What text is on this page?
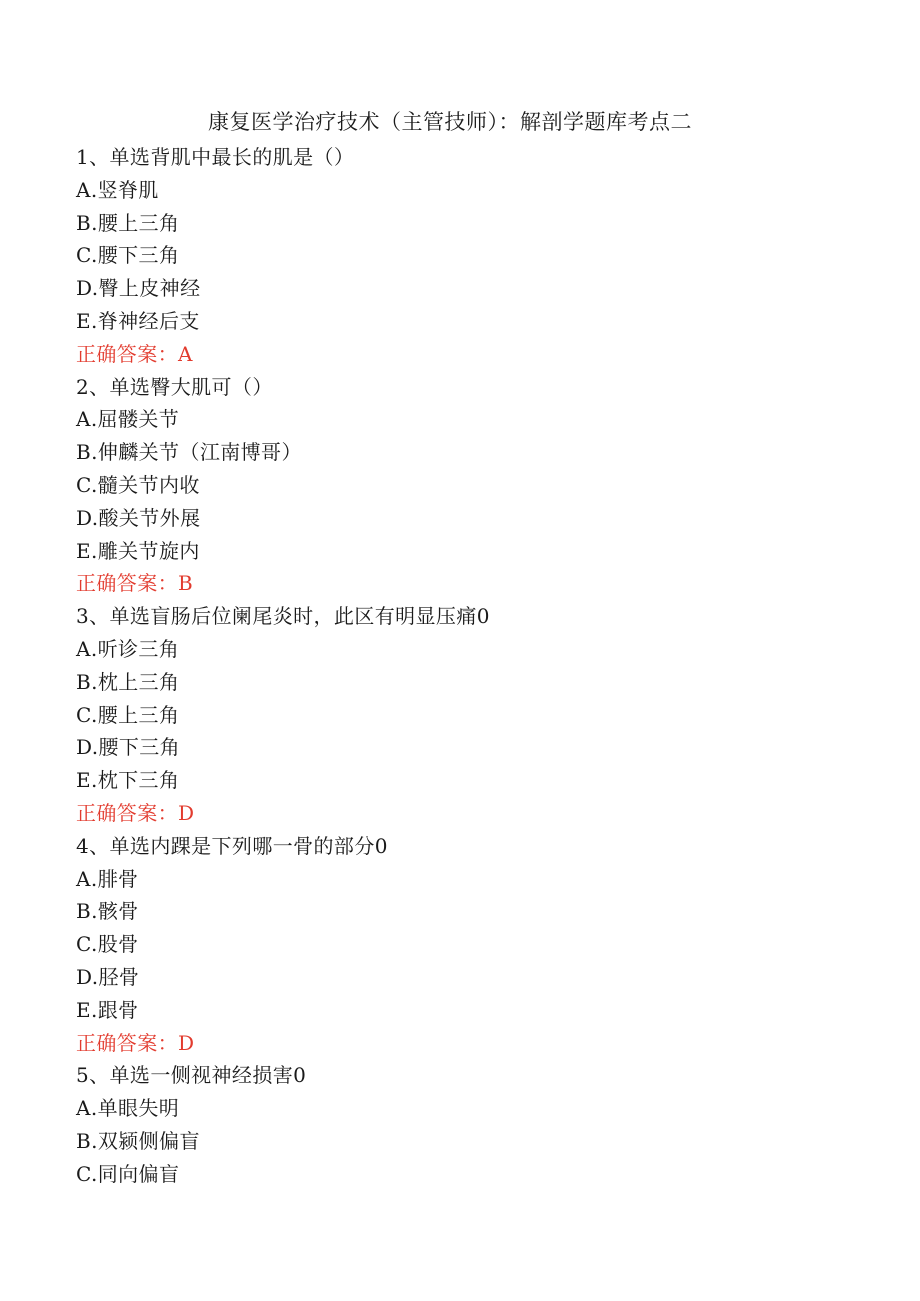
康复医学治疗技术（主管技师）：解剖学题库考点二
1、单选背肌中最长的肌是（）
A.竖脊肌
B.腰上三角
C.腰下三角
D.臀上皮神经
E.脊神经后支
正确答案：A
2、单选臀大肌可（）
A.屈髅关节
B.伸麟关节（江南博哥）
C.髓关节内收
D.酸关节外展
E.雕关节旋内
正确答案：B
3、单选盲肠后位阑尾炎时，此区有明显压痛0
A.听诊三角
B.枕上三角
C.腰上三角
D.腰下三角
E.枕下三角
正确答案：D
4、单选内踝是下列哪一骨的部分0
A.腓骨
B.骸骨
C.股骨
D.胫骨
E.跟骨
正确答案：D
5、单选一侧视神经损害0
A.单眼失明
B.双颍侧偏盲
C.同向偏盲
